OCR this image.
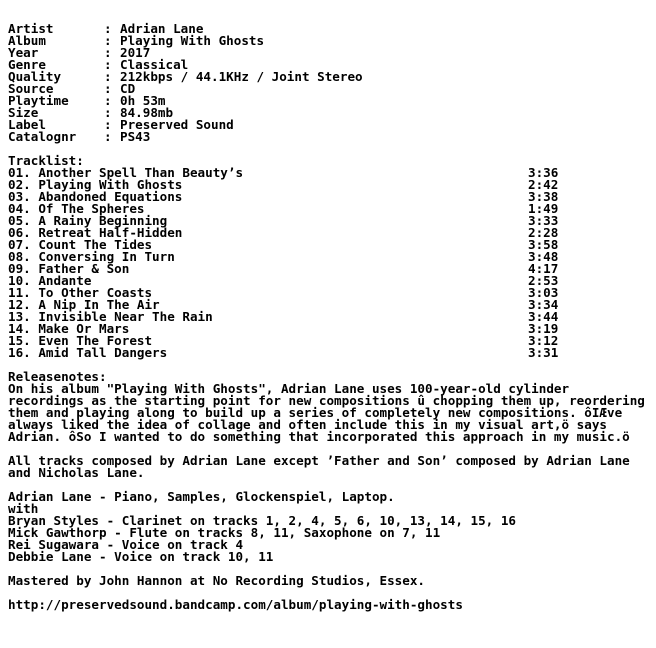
Artist	: Adrian Lane
Album	: Playing With Ghosts
Year	: 2017
Genre	: Classical
Quality	: 212kbps / 44.1KHz / Joint Stereo
Source	: CD
Playtime	: 0h 53m
Size	: 84.98mb
Label	: Preserved Sound
Catalognr	: PS43
Tracklist:
01. Another Spell Than Beauty’s	3:36
02. Playing With Ghosts	2:42
03. Abandoned Equations	3:38
04. Of The Spheres	1:49
05. A Rainy Beginning	3:33
06. Retreat Half-Hidden	2:28
07. Count The Tides	3:58
08. Conversing In Turn	3:48
09. Father & Son	4:17
10. Andante	2:53
11. To Other Coasts	3:03
12. A Nip In The Air	3:34
13. Invisible Near The Rain	3:44
14. Make Or Mars	3:19
15. Even The Forest	3:12
16. Amid Tall Dangers	3:31
Releasenotes:
On his album "Playing With Ghosts", Adrian Lane uses 100-year-old cylinder recordings as the starting point for new compositions û chopping them up, reordering them and playing along to build up a series of completely new compositions. ôIÆve always liked the idea of collage and often include this in my visual art,ö says Adrian. ôSo I wanted to do something that incorporated this approach in my music.ö
All tracks composed by Adrian Lane except ’Father and Son’ composed by Adrian Lane and Nicholas Lane.
Adrian Lane - Piano, Samples, Glockenspiel, Laptop.
with
Bryan Styles - Clarinet on tracks 1, 2, 4, 5, 6, 10, 13, 14, 15, 16
Mick Gawthorp - Flute on tracks 8, 11, Saxophone on 7, 11
Rei Sugawara - Voice on track 4
Debbie Lane - Voice on track 10, 11
Mastered by John Hannon at No Recording Studios, Essex.
http://preservedsound.bandcamp.com/album/playing-with-ghosts
